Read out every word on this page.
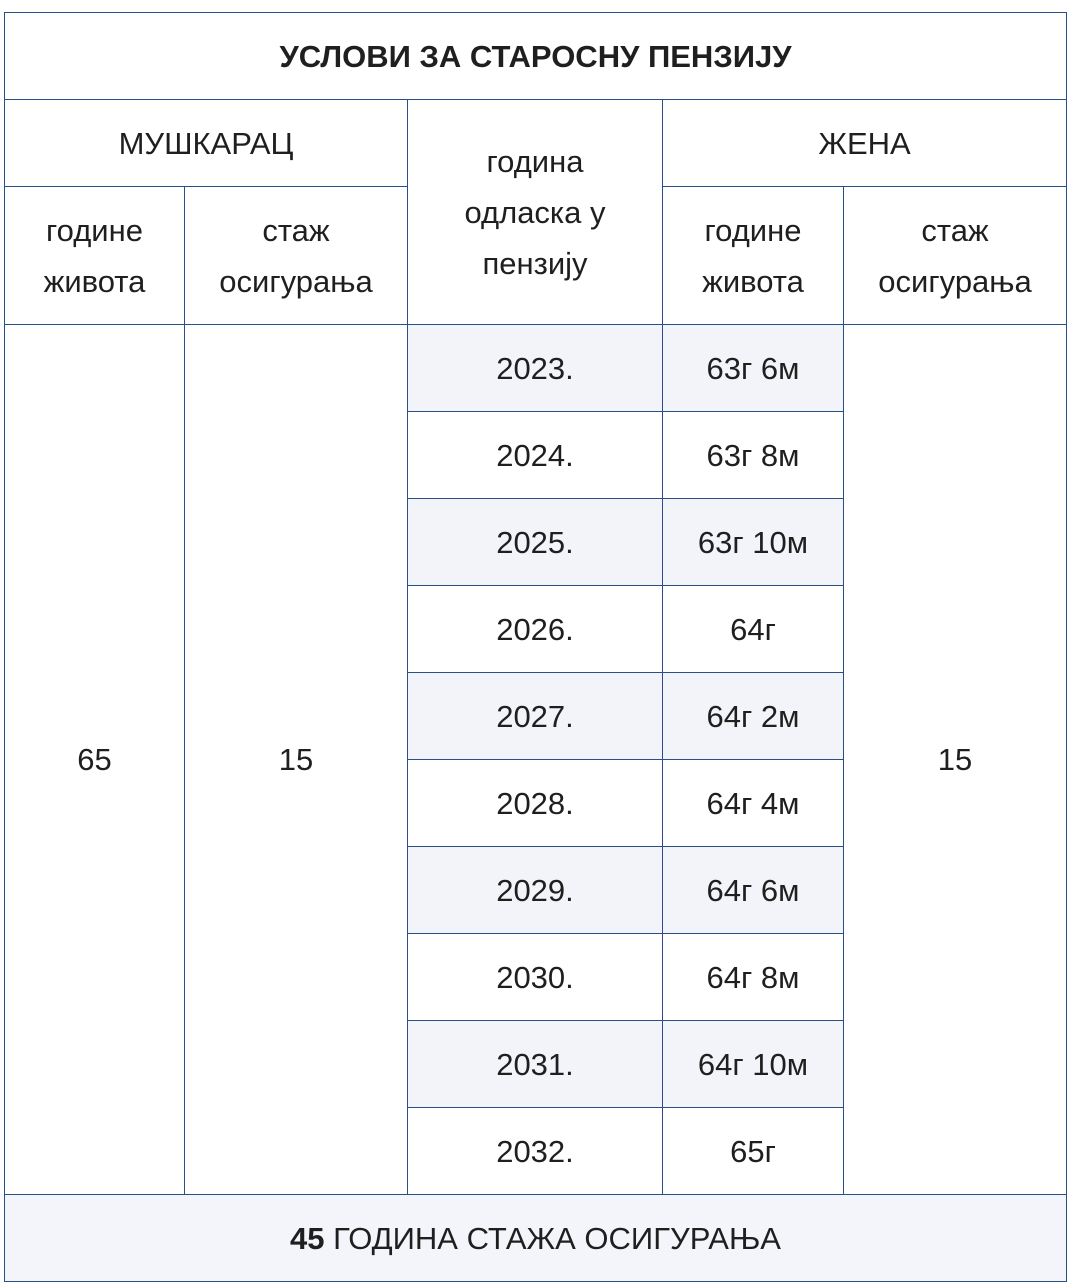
УСЛОВИ ЗА СТАРОСНУ ПЕНЗИЈУ				
МУШКАРАЦ		година одласка у пензију	ЖЕНА	
године живота	стаж осигурања		године живота	стаж осигурања
65	15	2023.	63г 6м	15
		2024.	63г 8м	
		2025.	63г 10м	
		2026.	64г	
		2027.	64г 2м	
		2028.	64г 4м	
		2029.	64г 6м	
		2030.	64г 8м	
		2031.	64г 10м	
		2032.	65г	
45 ГОДИНА СТАЖА ОСИГУРАЊА				
